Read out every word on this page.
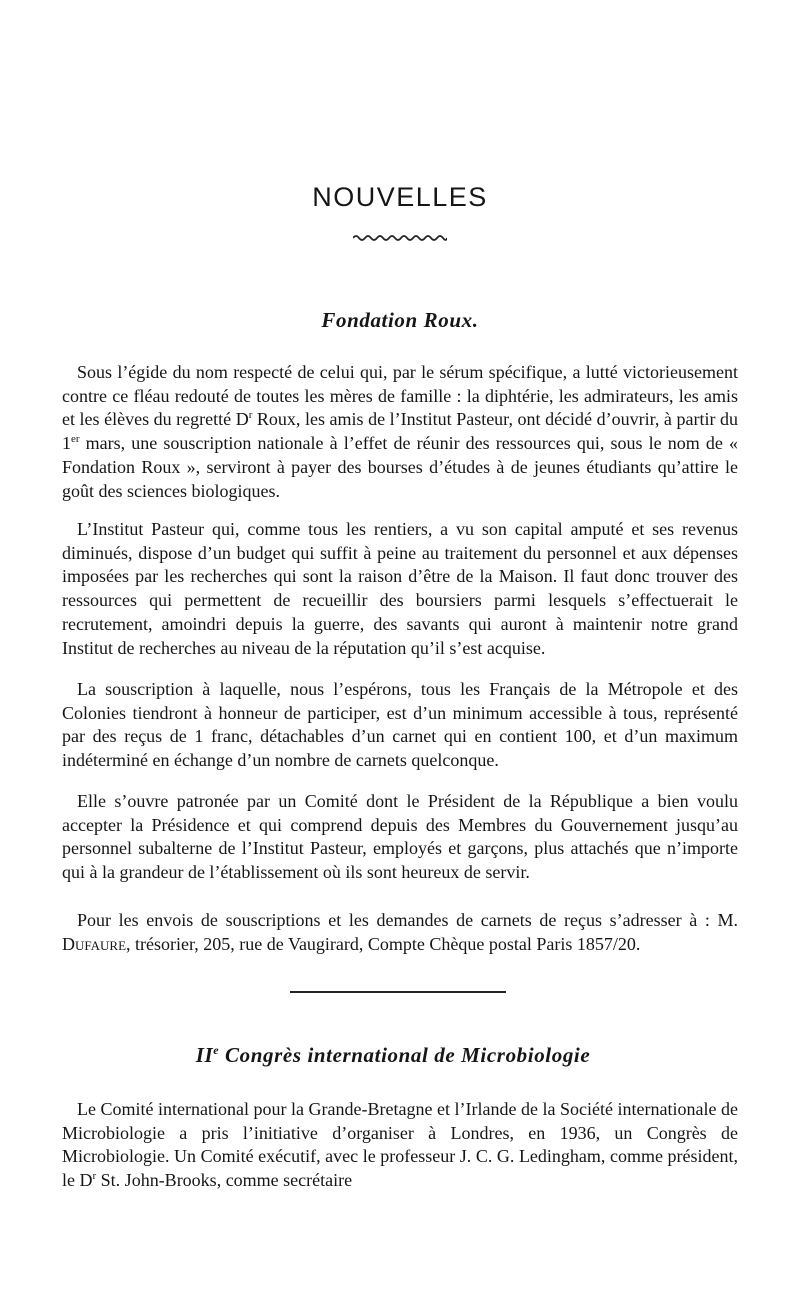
NOUVELLES
Fondation Roux.

Sous l’égide du nom respecté de celui qui, par le sérum spécifique, a lutté victorieusement contre ce fléau redouté de toutes les mères de famille : la diphtérie, les admirateurs, les amis et les élèves du regretté $D^r$ Roux, les amis de l’Institut Pasteur, ont décidé d’ouvrir, à partir du 1er mars, une souscription nationale à l’effet de réunir des ressources qui, sous le nom de « Fondation Roux », serviront à payer des bourses d’études à de jeunes étudiants qu’attire le goût des sciences biologiques.

L’Institut Pasteur qui, comme tous les rentiers, a vu son capital amputé et ses revenus diminués, dispose d’un budget qui suffit à peine au traitement du personnel et aux dépenses imposées par les recherches qui sont la raison d’être de la Maison. Il faut donc trouver des ressources qui permettent de recueillir des boursiers parmi lesquels s’effectuerait le recrutement, amoindri depuis la guerre, des savants qui auront à maintenir notre grand Institut de recherches au niveau de la réputation qu’il s’est acquise.

La souscription à laquelle, nous l’espérons, tous les Français de la Métropole et des Colonies tiendront à honneur de participer, est d’un minimum accessible à tous, représenté par des reçus de 1 franc, détachables d’un carnet qui en contient 100, et d’un maximum indéterminé en échange d’un nombre de carnets quelconque.

Elle s’ouvre patronée par un Comité dont le Président de la République a bien voulu accepter la Présidence et qui comprend depuis des Membres du Gouvernement jusqu’au personnel subalterne de l’Institut Pasteur, employés et garçons, plus attachés que n’importe qui à la grandeur de l’établissement où ils sont heureux de servir.

Pour les envois de souscriptions et les demandes de carnets de reçus s’adresser à : M. Dufaure, trésorier, 205, rue de Vaugirard, Compte Chèque postal Paris 1857/20.

IIe Congrès international de Microbiologie

Le Comité international pour la Grande-Bretagne et l’Irlande de la Société internationale de Microbiologie a pris l’initiative d’organiser à Londres, en 1936, un Congrès de Microbiologie. Un Comité exécutif, avec le professeur J. C. G. Ledingham, comme président, le $D^r$ St. John-Brooks, comme secrétaire
